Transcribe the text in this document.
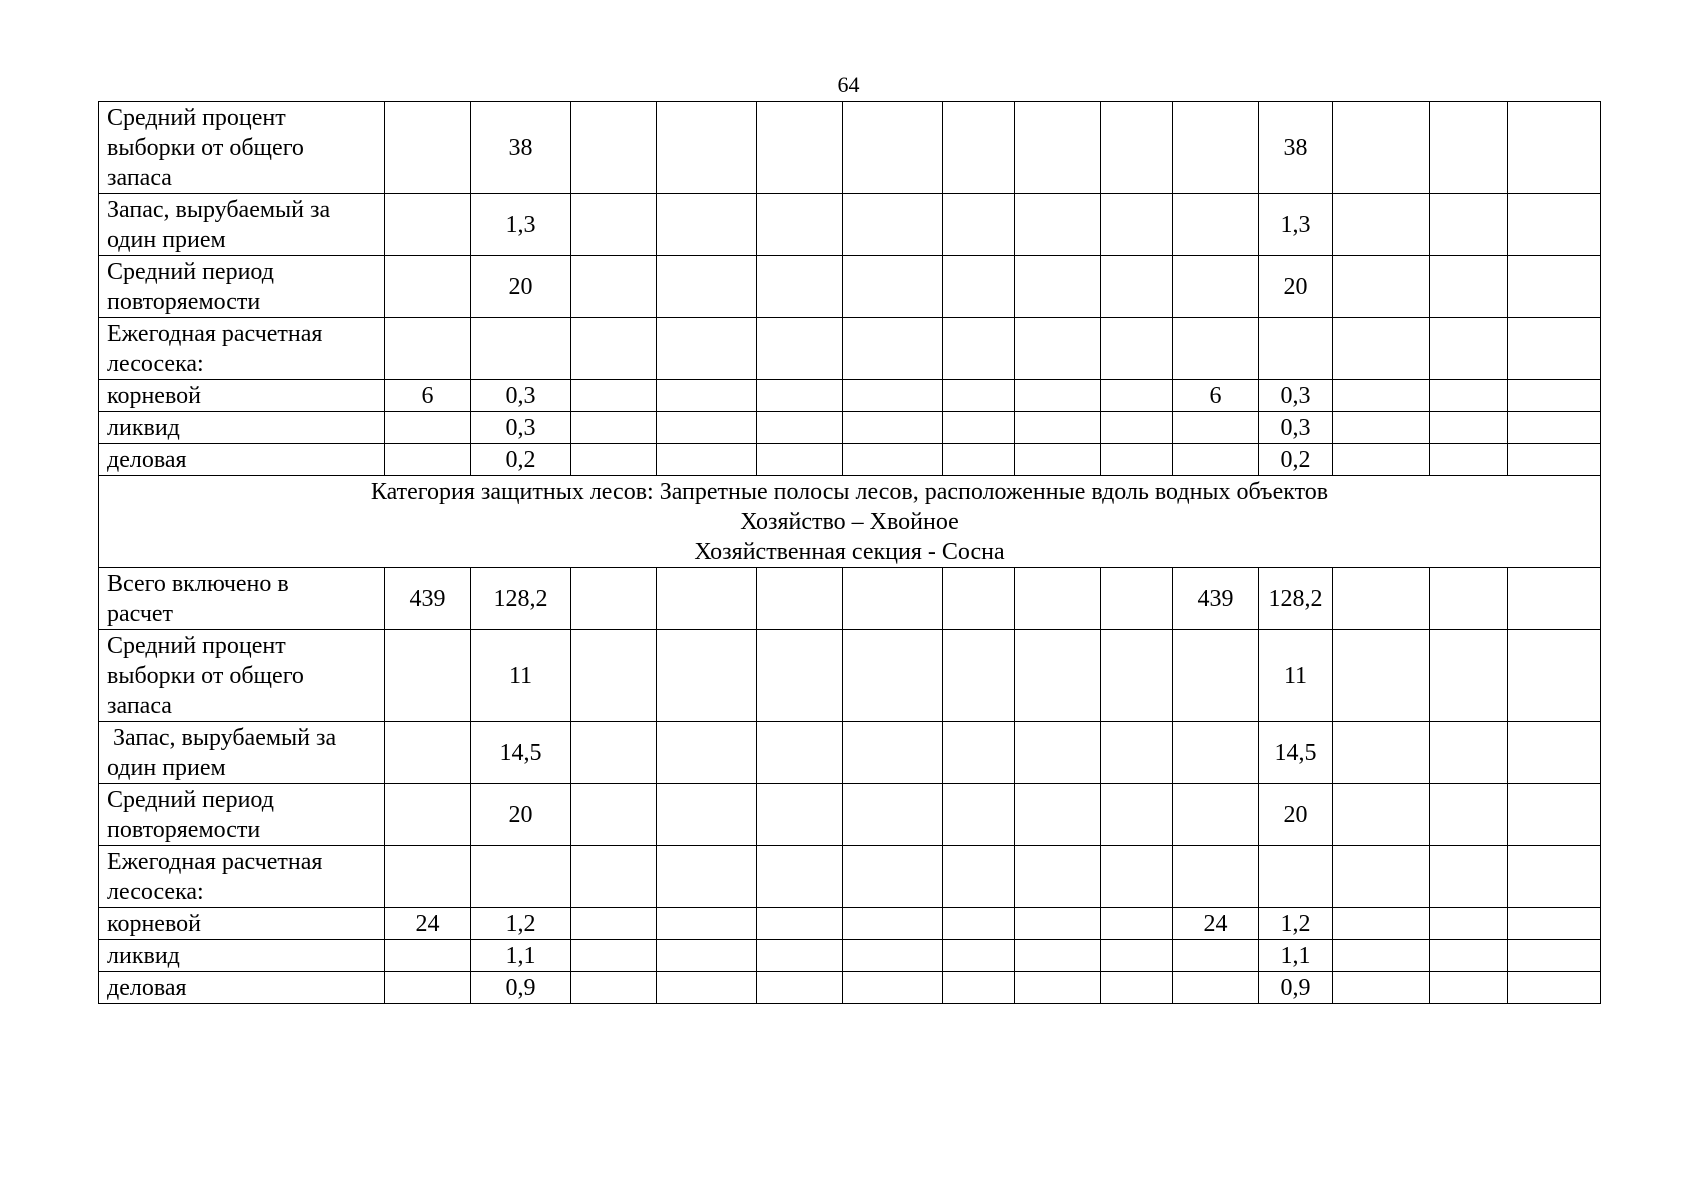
64
Средний процент
выборки от общего
запаса		38									38			

Запас, вырубаемый за
один прием		1,3									1,3			

Средний период
повторяемости		20									20			

Ежегодная расчетная
лесосека:														

корневой	6	0,3								6	0,3			

ликвид		0,3									0,3			

деловая		0,2									0,2			

Категория защитных лесов: Запретные полосы лесов, расположенные вдоль водных объектов
Хозяйство – Хвойное
Хозяйственная секция - Сосна														

Всего включено в
расчет	439	128,2								439	128,2			

Средний процент
выборки от общего
запаса		11									11			

Запас, вырубаемый за
один прием		14,5									14,5			

Средний период
повторяемости		20									20			

Ежегодная расчетная
лесосека:														

корневой	24	1,2								24	1,2			

ликвид		1,1									1,1			

деловая		0,9									0,9			
